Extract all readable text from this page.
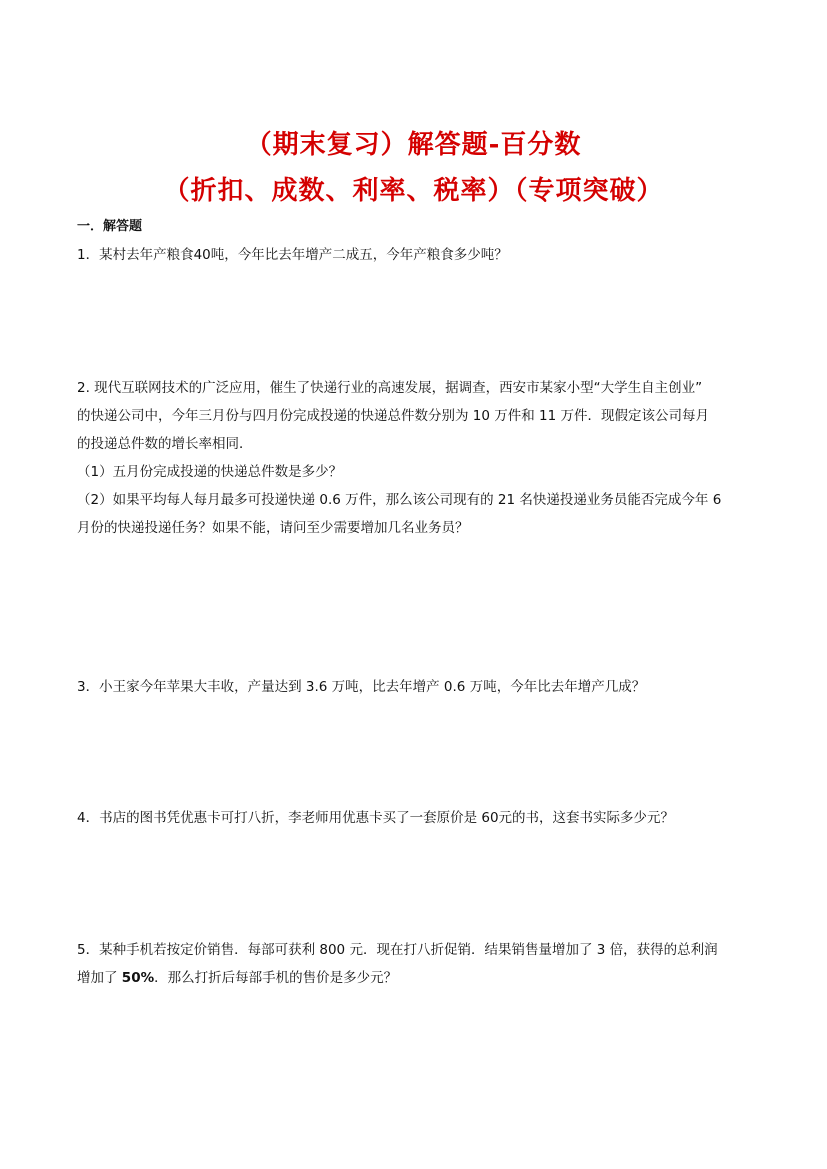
（期末复习）解答题-百分数
（折扣、成数、利率、税率）（专项突破）
一．解答题
1．某村去年产粮食40吨，今年比去年增产二成五，今年产粮食多少吨？
2. 现代互联网技术的广泛应用，催生了快递行业的高速发展，据调查，西安市某家小型“大学生自主创业”
的快递公司中，今年三月份与四月份完成投递的快递总件数分别为 10 万件和 11 万件．现假定该公司每月
的投递总件数的增长率相同．
（1）五月份完成投递的快递总件数是多少？
（2）如果平均每人每月最多可投递快递 0.6 万件，那么该公司现有的 21 名快递投递业务员能否完成今年 6
月份的快递投递任务？如果不能，请问至少需要增加几名业务员？
3．小王家今年苹果大丰收，产量达到 3.6 万吨，比去年增产 0.6 万吨，今年比去年增产几成？
4．书店的图书凭优惠卡可打八折，李老师用优惠卡买了一套原价是 60元的书，这套书实际多少元？
5．某种手机若按定价销售．每部可获利 800 元．现在打八折促销．结果销售量增加了 3 倍，获得的总利润
增加了 50%．那么打折后每部手机的售价是多少元？
